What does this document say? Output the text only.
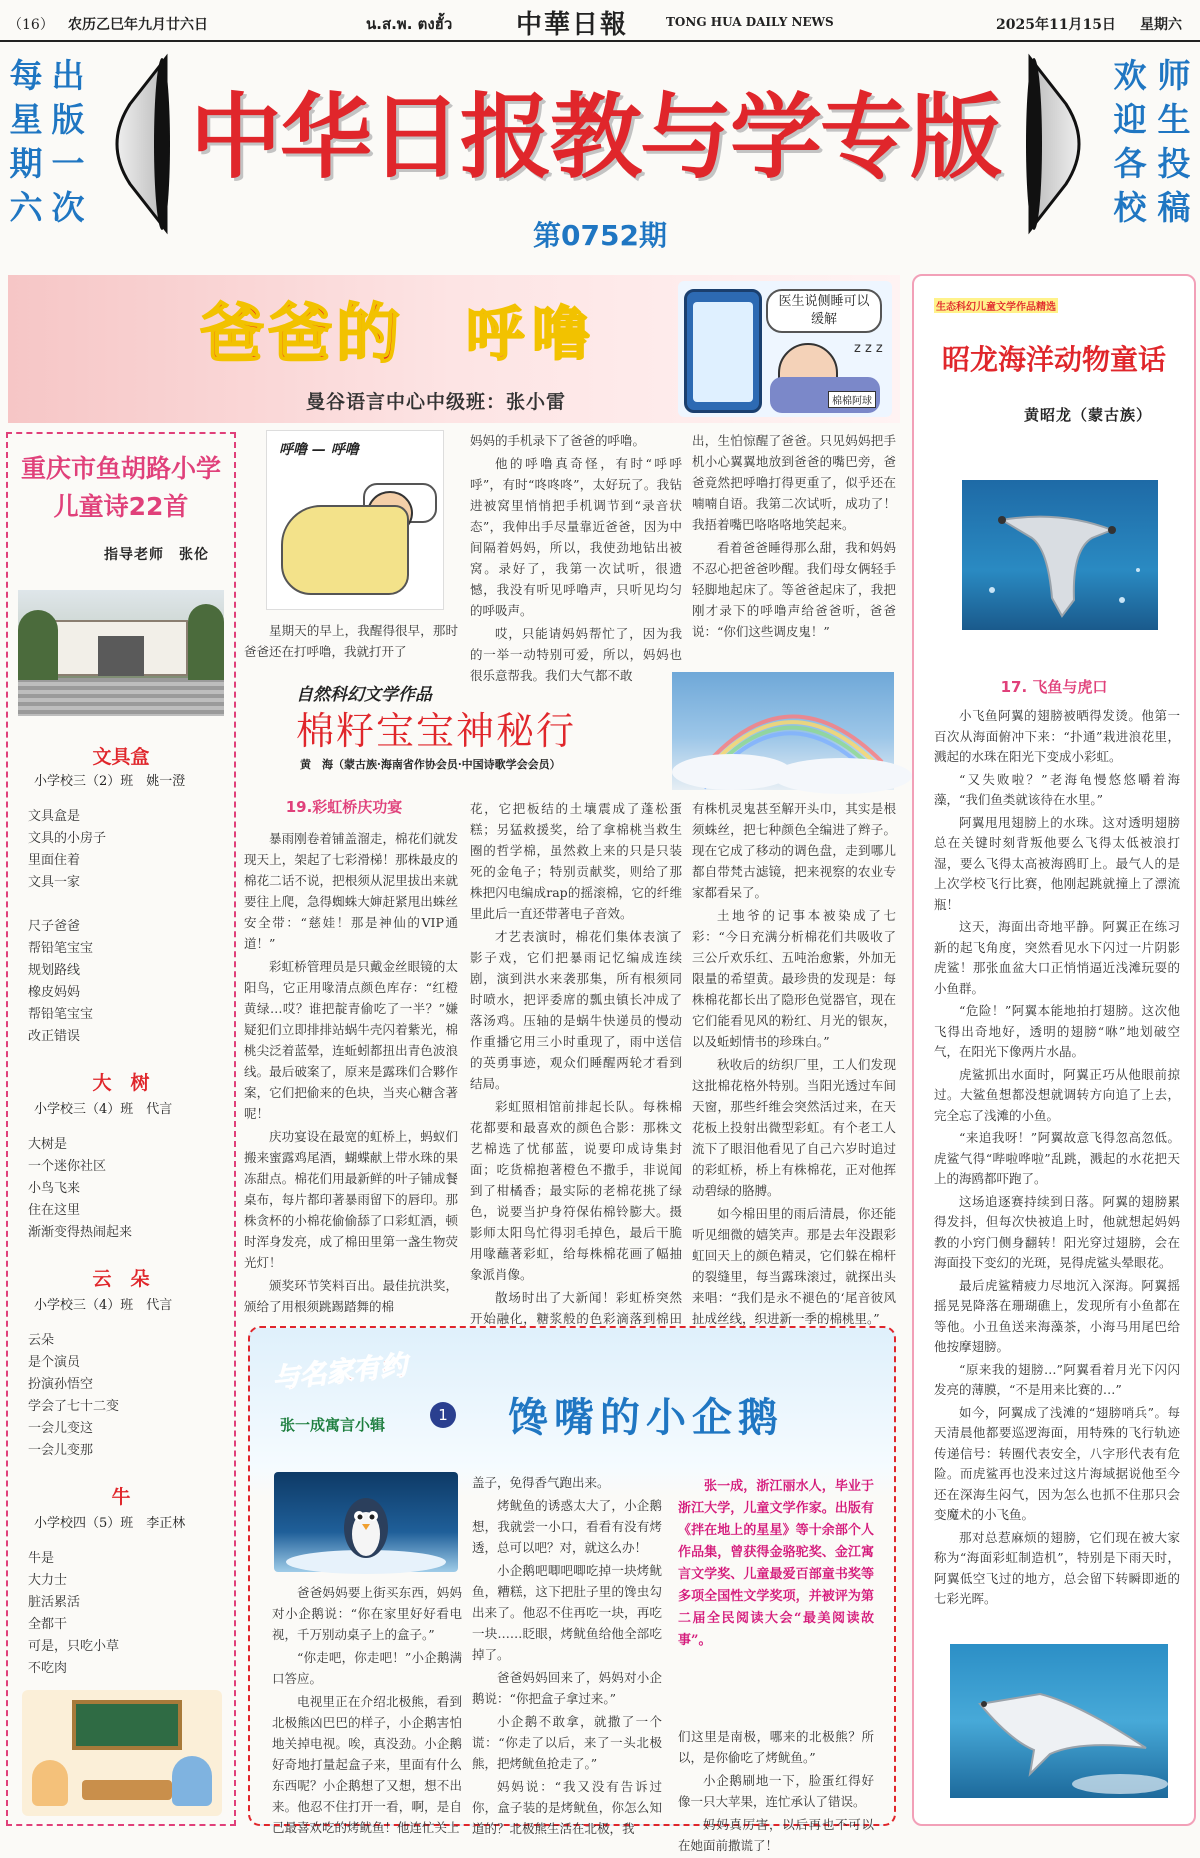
（16） 农历乙巳年九月廿六日	น.ส.พ. ตงฮั้ว 中華日報	TONG HUA DAILY NEWS	2025年11月15日 星期六
每星期六
出版一次
中华日报教与学专版
欢迎各校
师生投稿
第0752期
爸爸的 呼噜
曼谷语言中心中级班：张小雷
医生说侧睡可以缓解
z z z
棉棉阿球
呼噜 — 呼噜

星期天的早上，我醒得很早，那时爸爸还在打呼噜，我就打开了

妈妈的手机录下了爸爸的呼噜。

他的呼噜真奇怪，有时“呼呼呼”，有时“咚咚咚”，太好玩了。我钻进被窝里悄悄把手机调节到“录音状态”，我伸出手尽量靠近爸爸，因为中间隔着妈妈，所以，我使劲地钻出被窝。录好了，我第一次试听，很遗憾，我没有听见呼噜声，只听见均匀的呼吸声。

哎，只能请妈妈帮忙了，因为我的一举一动特别可爱，所以，妈妈也很乐意帮我。我们大气都不敢

出，生怕惊醒了爸爸。只见妈妈把手机小心翼翼地放到爸爸的嘴巴旁，爸爸竟然把呼噜打得更重了，似乎还在喃喃自语。我第二次试听，成功了！我捂着嘴巴咯咯咯地笑起来。

看着爸爸睡得那么甜，我和妈妈不忍心把爸爸吵醒。我们母女俩轻手轻脚地起床了。等爸爸起床了，我把刚才录下的呼噜声给爸爸听，爸爸说：“你们这些调皮鬼！”

重庆市鱼胡路小学儿童诗22首
指导老师　张伦
文具盒
小学校三（2）班　姚一澄
文具盒是
文具的小房子
里面住着
文具一家
尺子爸爸
帮铅笔宝宝
规划路线
橡皮妈妈
帮铅笔宝宝
改正错误
大　树
小学校三（4）班　代言
大树是
一个迷你社区
小鸟飞来
住在这里
渐渐变得热闹起来
云　朵
小学校三（4）班　代言
云朵
是个演员
扮演孙悟空
学会了七十二变
一会儿变这
一会儿变那
牛
小学校四（5）班　李正林
牛是
大力士
脏活累活
全都干
可是，只吃小草
不吃肉
自然科幻文学作品
棉籽宝宝神秘行
黄　海（蒙古族·海南省作协会员·中国诗歌学会会员）
19.彩虹桥庆功宴

暴雨刚卷着铺盖溜走，棉花们就发现天上，架起了七彩滑梯！那株最皮的棉花二话不说，把根须从泥里拔出来就要往上爬，急得蜘蛛大婶赶紧甩出蛛丝安全带：“慈娃！那是神仙的VIP通道！”

彩虹桥管理员是只戴金丝眼镜的太阳鸟，它正用喙清点颜色库存：“红橙黄绿…哎？谁把靛青偷吃了一半？”嫌疑犯们立即排排站蜗牛壳闪着紫光，棉桃尖泛着蓝晕，连蚯蚓都扭出青色波浪线。最后破案了，原来是露珠们合夥作案，它们把偷来的色块，当夹心糖含著呢！

庆功宴设在最宽的虹桥上，蚂蚁们搬来蜜露鸡尾酒，蝴蝶献上带水珠的果冻甜点。棉花们用最新鲜的叶子铺成餐桌布，每片都印著暴雨留下的唇印。那株贪杯的小棉花偷偷舔了口彩虹酒，顿时浑身发亮，成了棉田里第一盏生物荧光灯！

颁奖环节笑料百出。最佳抗洪奖，颁给了用根须跳踢踏舞的棉

花，它把板结的土壤震成了蓬松蛋糕；另猛救援奖，给了拿棉桃当救生圈的哲学棉，虽然救上来的只是只装死的金龟子；特别贡献奖，则给了那株把闪电编成rap的摇滚棉，它的纤维里此后一直还带著电子音效。

才艺表演时，棉花们集体表演了影子戏，它们把暴雨记忆编成连续剧，演到洪水来袭那集，所有根须同时喷水，把评委席的瓢虫镇长冲成了落汤鸡。压轴的是蜗牛快递员的慢动作重播它用三小时重现了，雨中送信的英勇事迹，观众们睡醒两轮才看到结局。

彩虹照相馆前排起长队。每株棉花都要和最喜欢的颜色合影：那株文艺棉选了忧郁蓝，说要印成诗集封面；吃货棉抱著橙色不撒手，非说闻到了柑橘香；最实际的老棉花挑了绿色，说要当护身符保佑棉铃膨大。摄影师太阳鸟忙得羽毛掉色，最后干脆用喙蘸著彩虹，给每株棉花画了幅抽象派肖像。

散场时出了大新闻！彩虹桥突然开始融化，糖浆般的色彩滴落到棉田

有株机灵鬼甚至解开头巾，其实是根须蛛丝，把七种颜色全编进了辫子。现在它成了移动的调色盘，走到哪儿都自带梵古滤镜，把来视察的农业专家都看呆了。

土地爷的记事本被染成了七彩：“今日充满分析棉花们共吸收了三公斤欢乐红、五吨治愈紫，外加无限量的希望黄。最珍贵的发现是：每株棉花都长出了隐形色觉器官，现在它们能看见风的粉红、月光的银灰，以及蚯蚓情书的珍珠白。”

秋收后的纺织厂里，工人们发现这批棉花格外特别。当阳光透过车间天窗，那些纤维会突然活过来，在天花板上投射出微型彩虹。有个老工人流下了眼泪他看见了自己六岁时追过的彩虹桥，桥上有株棉花，正对他挥动碧绿的胳膊。

如今棉田里的雨后清晨，你还能听见细微的嬉笑声。那是去年没跟彩虹回天上的颜色精灵，它们躲在棉杆的裂缝里，每当露珠滚过，就探出头来唱：“我们是永不褪色的‘尾音彼风扯成丝线，织进新一季的棉桃里。”

生态科幻儿童文学作品精选
昭龙海洋动物童话
黄昭龙（蒙古族）
17. 飞鱼与虎口

小飞鱼阿翼的翅膀被晒得发烫。他第一百次从海面俯冲下来：“扑通”栽进浪花里，溅起的水珠在阳光下变成小彩虹。

“又失败啦？”老海龟慢悠悠嚼着海藻，“我们鱼类就该待在水里。”

阿翼甩甩翅膀上的水珠。这对透明翅膀总在关键时刻背叛他要么飞得太低被浪打湿，要么飞得太高被海鸥盯上。最气人的是上次学校飞行比赛，他刚起跳就撞上了漂流瓶！

这天，海面出奇地平静。阿翼正在练习新的起飞角度，突然看见水下闪过一片阴影虎鲨！那张血盆大口正悄悄逼近浅滩玩耍的小鱼群。

“危险！”阿翼本能地拍打翅膀。这次他飞得出奇地好，透明的翅膀“咻”地划破空气，在阳光下像两片水晶。

虎鲨抓出水面时，阿翼正巧从他眼前掠过。大鲨鱼想都没想就调转方向追了上去，完全忘了浅滩的小鱼。

“来追我呀！”阿翼故意飞得忽高忽低。虎鲨气得“哔啦哗啦”乱跳，溅起的水花把天上的海鸥都吓跑了。

这场追逐赛持续到日落。阿翼的翅膀累得发抖，但每次快被追上时，他就想起妈妈教的小窍门侧身翻转！阳光穿过翅膀，会在海面投下变幻的光斑，晃得虎鲨头晕眼花。

最后虎鲨精疲力尽地沉入深海。阿翼摇摇晃晃降落在珊瑚礁上，发现所有小鱼都在等他。小丑鱼送来海藻茶，小海马用尾巴给他按摩翅膀。

“原来我的翅膀…”阿翼看着月光下闪闪发亮的薄膜，“不是用来比赛的…”

如今，阿翼成了浅滩的“翅膀哨兵”。每天清晨他都要巡逻海面，用特殊的飞行轨迹传递信号：转圈代表安全，八字形代表有危险。而虎鲨再也没来过这片海域据说他至今还在深海生闷气，因为怎么也抓不住那只会变魔术的小飞鱼。

那对总惹麻烦的翅膀，它们现在被大家称为“海面彩虹制造机”，特别是下雨天时，阿翼低空飞过的地方，总会留下转瞬即逝的七彩光晖。

与名家有约
张一成寓言小辑
1 馋嘴的小企鹅

爸爸妈妈要上街买东西，妈妈对小企鹅说：“你在家里好好看电视，千万别动桌子上的盒子。”

“你走吧，你走吧！”小企鹅满口答应。

电视里正在介绍北极熊，看到北极熊凶巴巴的样子，小企鹅害怕地关掉电视。唉，真没劲。小企鹅好奇地打量起盒子来，里面有什么东西呢？小企鹅想了又想，想不出来。他忍不住打开一看，啊，是自己最喜欢吃的烤鱿鱼！他连忙关上

盖子，免得香气跑出来。

烤鱿鱼的诱惑太大了，小企鹅想，我就尝一小口，看看有没有烤透，总可以吧？对，就这么办！

小企鹅吧唧吧唧吃掉一块烤鱿鱼，糟糕，这下把肚子里的馋虫勾出来了。他忍不住再吃一块，再吃一块……眨眼，烤鱿鱼给他全部吃掉了。

爸爸妈妈回来了，妈妈对小企鹅说：“你把盒子拿过来。”

小企鹅不敢拿，就撒了一个谎：“你走了以后，来了一头北极熊，把烤鱿鱼抢走了。”

妈妈说：“我又没有告诉过你，盒子装的是烤鱿鱼，你怎么知道的？北极熊生活在北极，我

张一成，浙江丽水人，毕业于浙江大学，儿童文学作家。出版有《拌在地上的星星》等十余部个人作品集，曾获得金骆驼奖、金江寓言文学奖、儿童最爱百部童书奖等多项全国性文学奖项，并被评为第二届全民阅读大会“最美阅读故事”。

们这里是南极，哪来的北极熊？所以，是你偷吃了烤鱿鱼。”

小企鹅刷地一下，脸蛋红得好像一只大苹果，连忙承认了错误。

妈妈真厉害，以后再也不可以在她面前撒谎了！
